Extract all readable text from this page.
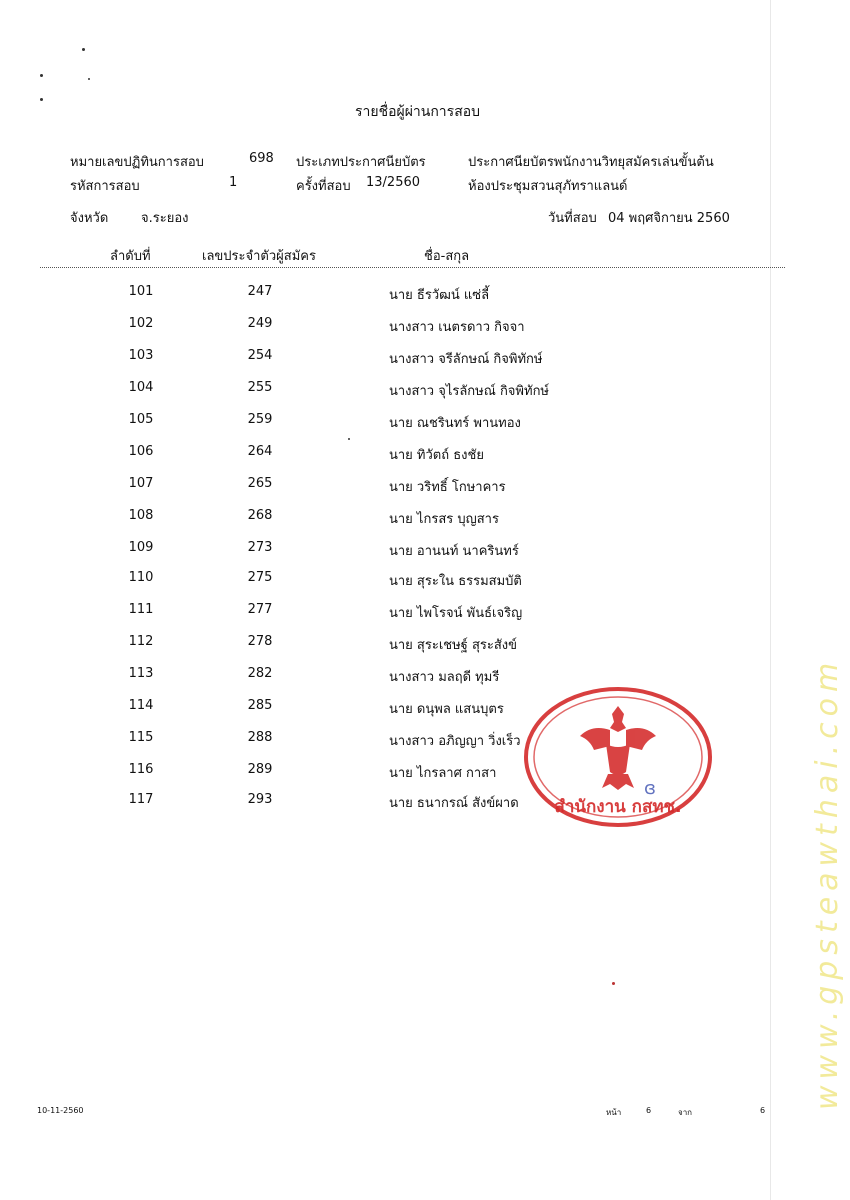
รายชื่อผู้ผ่านการสอบ
หมายเลขปฏิทินการสอบ	698 ประเภทประกาศนียบัตร	ประกาศนียบัตรพนักงานวิทยุสมัครเล่นขั้นต้น
รหัสการสอบ	1	ครั้งที่สอบ 13/2560	ห้องประชุมสวนสุภัทราแลนด์
จังหวัด	จ.ระยอง	วันที่สอบ 04 พฤศจิกายน 2560
ลำดับที่	เลขประจำตัวผู้สมัคร	ชื่อ-สกุล
101	247	นาย ธีรวัฒน์ แซ่ลี้
102	249	นางสาว เนตรดาว กิจจา
103	254	นางสาว จรีลักษณ์ กิจพิทักษ์
104	255	นางสาว จุไรลักษณ์ กิจพิทักษ์
105	259	นาย ณชรินทร์ พานทอง
106	264	นาย ทิวัตถ์ ธงชัย
107	265	นาย วริทธิ์ โกษาคาร
108	268	นาย ไกรสร บุญสาร
109	273	นาย อานนท์ นาครินทร์
110	275	นาย สุระใน ธรรมสมบัติ
111	277	นาย ไพโรจน์ พันธ์เจริญ
112	278	นาย สุระเชษฐ์ สุระสังข์
113	282	นางสาว มลฤดี ทุมรี
114	285	นาย ดนุพล แสนบุตร
115	288	นางสาว อภิญญา วิ่งเร็ว
116	289	นาย ไกรลาศ กาสา
117	293	นาย ธนากรณ์ สังข์ผาด
ɞ
สำนักงาน กสทช.	www.gpsteawthai.com
10-11-2560	หน้า	6	จาก	6
